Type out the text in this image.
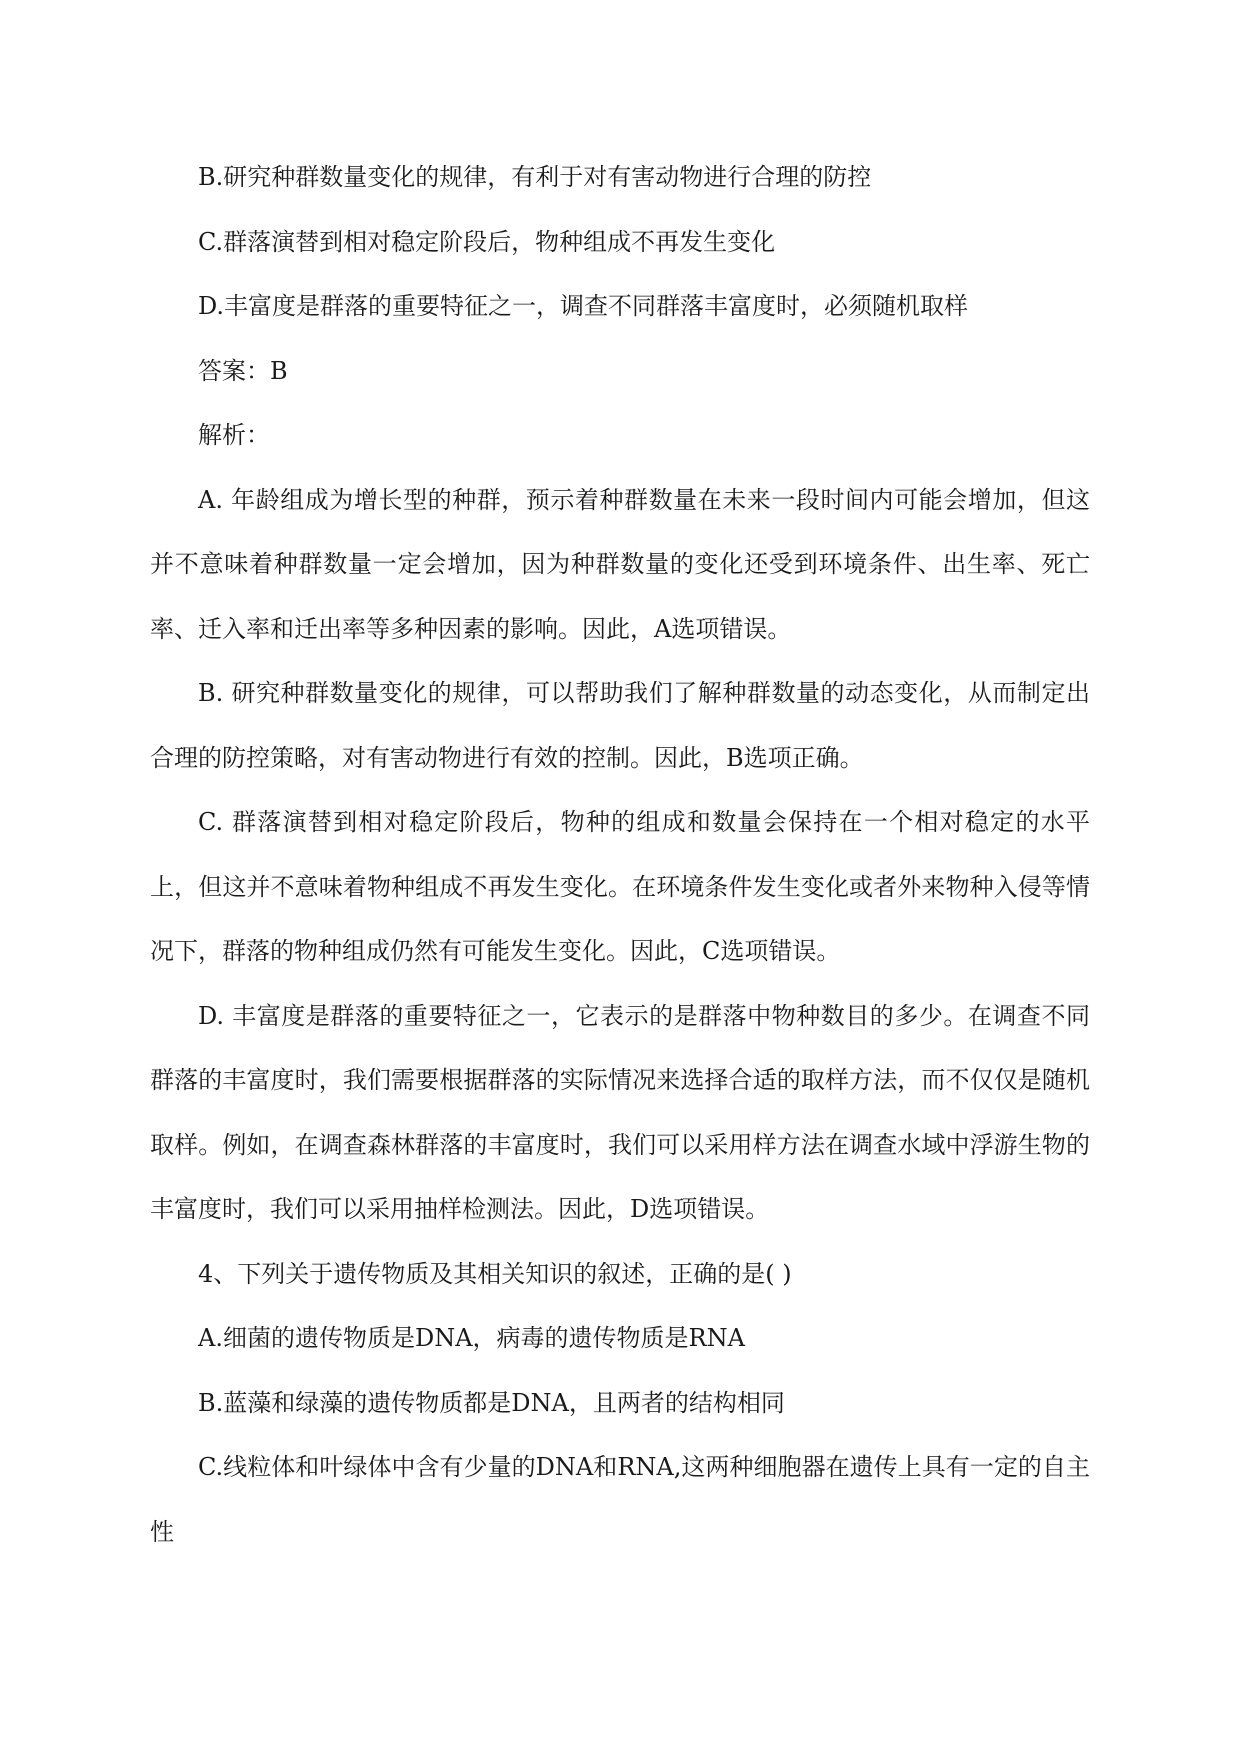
B.研究种群数量变化的规律，有利于对有害动物进行合理的防控

C.群落演替到相对稳定阶段后，物种组成不再发生变化

D.丰富度是群落的重要特征之一，调查不同群落丰富度时，必须随机取样

答案：B

解析：

A. 年龄组成为增长型的种群，预示着种群数量在未来一段时间内可能会增加，但这并不意味着种群数量一定会增加，因为种群数量的变化还受到环境条件、出生率、死亡率、迁入率和迁出率等多种因素的影响。因此，A选项错误。

B. 研究种群数量变化的规律，可以帮助我们了解种群数量的动态变化，从而制定出合理的防控策略，对有害动物进行有效的控制。因此，B选项正确。

C. 群落演替到相对稳定阶段后，物种的组成和数量会保持在一个相对稳定的水平上，但这并不意味着物种组成不再发生变化。在环境条件发生变化或者外来物种入侵等情况下，群落的物种组成仍然有可能发生变化。因此，C选项错误。

D. 丰富度是群落的重要特征之一，它表示的是群落中物种数目的多少。在调查不同群落的丰富度时，我们需要根据群落的实际情况来选择合适的取样方法，而不仅仅是随机取样。例如，在调查森林群落的丰富度时，我们可以采用样方法在调查水域中浮游生物的丰富度时，我们可以采用抽样检测法。因此，D选项错误。

4、下列关于遗传物质及其相关知识的叙述，正确的是( )

A.细菌的遗传物质是DNA，病毒的遗传物质是RNA

B.蓝藻和绿藻的遗传物质都是DNA，且两者的结构相同

C.线粒体和叶绿体中含有少量的DNA和RNA,这两种细胞器在遗传上具有一定的自主性
